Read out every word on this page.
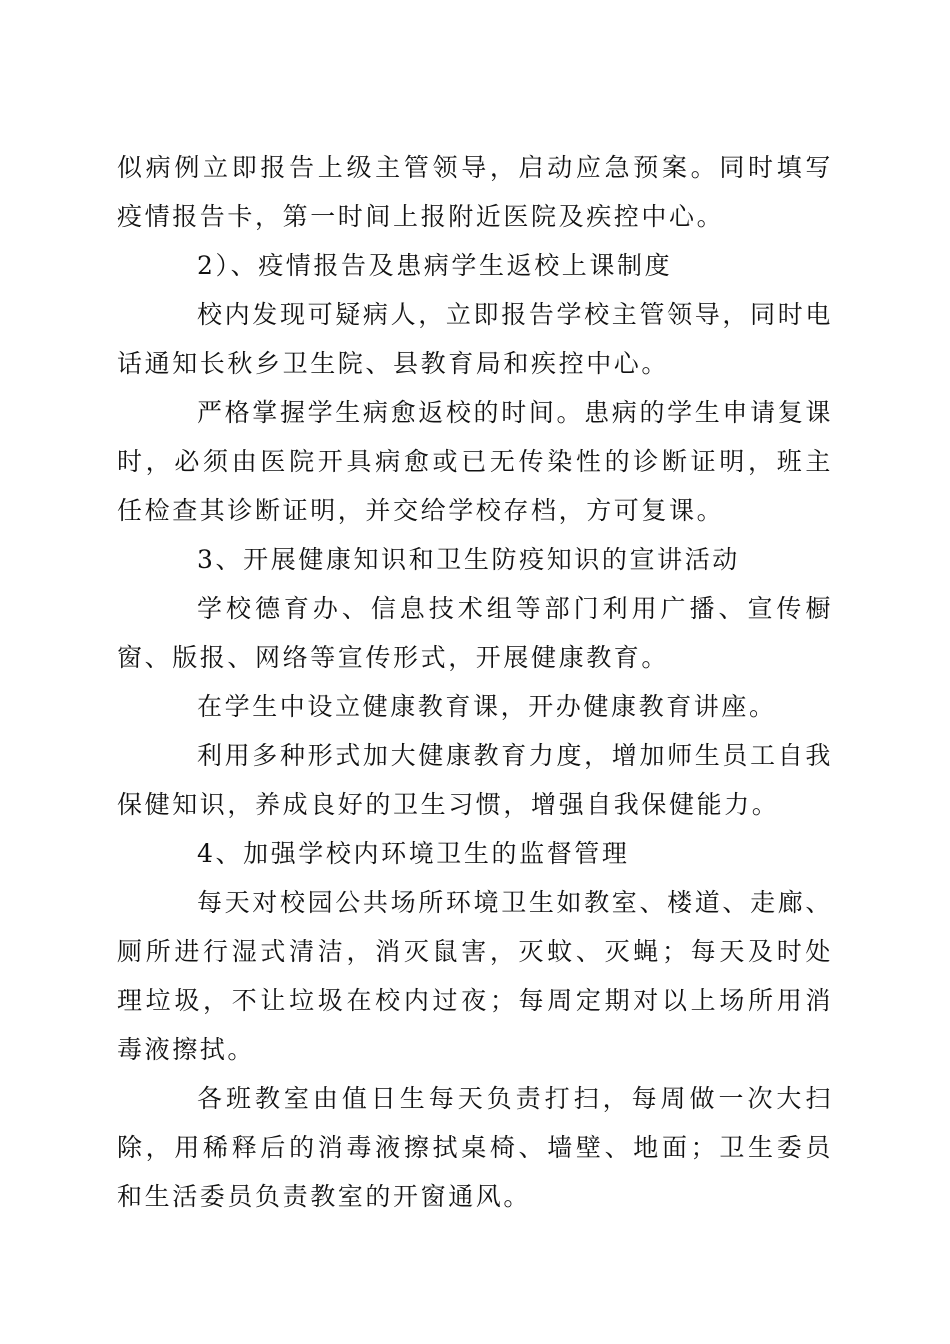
似病例立即报告上级主管领导，启动应急预案。同时填写疫情报告卡，第一时间上报附近医院及疾控中心。

2）、疫情报告及患病学生返校上课制度

校内发现可疑病人，立即报告学校主管领导，同时电话通知长秋乡卫生院、县教育局和疾控中心。

严格掌握学生病愈返校的时间。患病的学生申请复课时，必须由医院开具病愈或已无传染性的诊断证明，班主任检查其诊断证明，并交给学校存档，方可复课。

3、开展健康知识和卫生防疫知识的宣讲活动

学校德育办、信息技术组等部门利用广播、宣传橱窗、版报、网络等宣传形式，开展健康教育。

在学生中设立健康教育课，开办健康教育讲座。

利用多种形式加大健康教育力度，增加师生员工自我保健知识，养成良好的卫生习惯，增强自我保健能力。

4、加强学校内环境卫生的监督管理

每天对校园公共场所环境卫生如教室、楼道、走廊、厕所进行湿式清洁，消灭鼠害，灭蚊、灭蝇；每天及时处理垃圾，不让垃圾在校内过夜；每周定期对以上场所用消毒液擦拭。

各班教室由值日生每天负责打扫，每周做一次大扫除，用稀释后的消毒液擦拭桌椅、墙壁、地面；卫生委员和生活委员负责教室的开窗通风。
